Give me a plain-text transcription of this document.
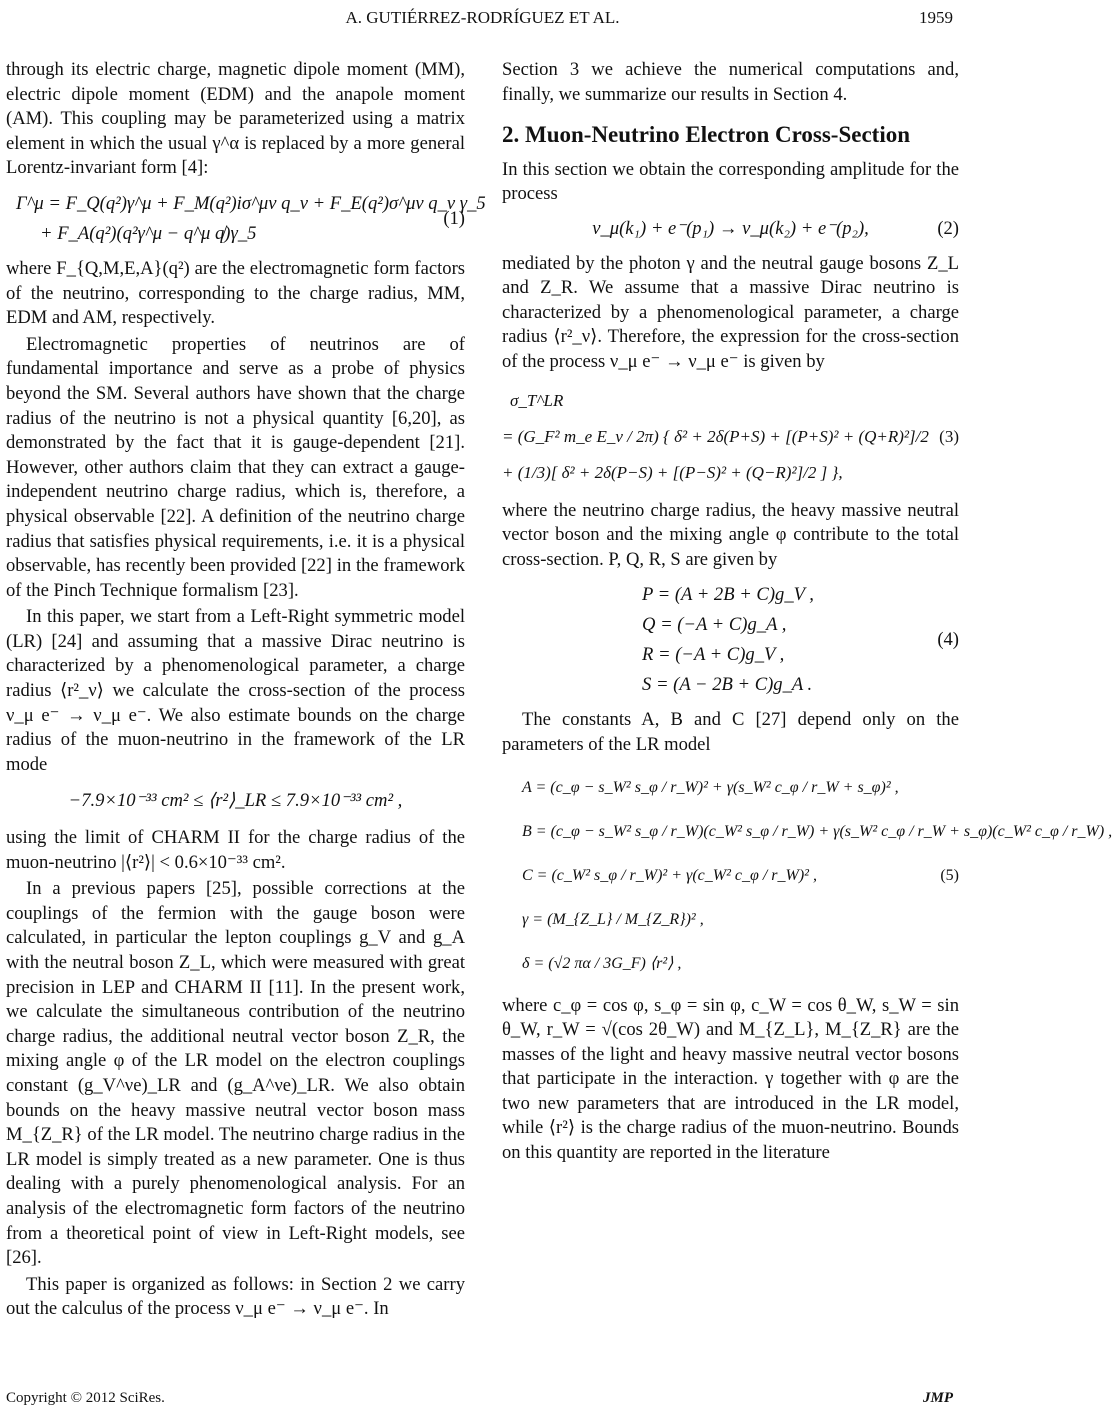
A. GUTIÉRREZ-RODRÍGUEZ ET AL.	1959

through its electric charge, magnetic dipole moment (MM), electric dipole moment (EDM) and the anapole moment (AM). This coupling may be parameterized using a matrix element in which the usual γ^α is replaced by a more general Lorentz-invariant form [4]:

Γ^μ = F_Q(q²)γ^μ + F_M(q²)iσ^μν q_ν + F_E(q²)σ^μν q_ν γ_5
+ F_A(q²)(q²γ^μ − q^μ q̸)γ_5
(1)

where F_{Q,M,E,A}(q²) are the electromagnetic form factors of the neutrino, corresponding to the charge radius, MM, EDM and AM, respectively.

Electromagnetic properties of neutrinos are of fundamental importance and serve as a probe of physics beyond the SM. Several authors have shown that the charge radius of the neutrino is not a physical quantity [6,20], as demonstrated by the fact that it is gauge-dependent [21]. However, other authors claim that they can extract a gauge-independent neutrino charge radius, which is, therefore, a physical observable [22]. A definition of the neutrino charge radius that satisfies physical requirements, i.e. it is a physical observable, has recently been provided [22] in the framework of the Pinch Technique formalism [23].

In this paper, we start from a Left-Right symmetric model (LR) [24] and assuming that a massive Dirac neutrino is characterized by a phenomenological parameter, a charge radius ⟨r²_ν⟩ we calculate the cross-section of the process ν_μ e⁻ → ν_μ e⁻. We also estimate bounds on the charge radius of the muon-neutrino in the framework of the LR mode

−7.9×10⁻³³ cm² ≤ ⟨r²⟩_LR ≤ 7.9×10⁻³³ cm² ,

using the limit of CHARM II for the charge radius of the muon-neutrino |⟨r²⟩| < 0.6×10⁻³³ cm².

In a previous papers [25], possible corrections at the couplings of the fermion with the gauge boson were calculated, in particular the lepton couplings g_V and g_A with the neutral boson Z_L, which were measured with great precision in LEP and CHARM II [11]. In the present work, we calculate the simultaneous contribution of the neutrino charge radius, the additional neutral vector boson Z_R, the mixing angle φ of the LR model on the electron couplings constant (g_V^νe)_LR and (g_A^νe)_LR. We also obtain bounds on the heavy massive neutral vector boson mass M_{Z_R} of the LR model. The neutrino charge radius in the LR model is simply treated as a new parameter. One is thus dealing with a purely phenomenological analysis. For an analysis of the electromagnetic form factors of the neutrino from a theoretical point of view in Left-Right models, see [26].

This paper is organized as follows: in Section 2 we carry out the calculus of the process ν_μ e⁻ → ν_μ e⁻. In

Section 3 we achieve the numerical computations and, finally, we summarize our results in Section 4.

2. Muon-Neutrino Electron Cross-Section

In this section we obtain the corresponding amplitude for the process

ν_μ(k₁) + e⁻(p₁) → ν_μ(k₂) + e⁻(p₂),	(2)

mediated by the photon γ and the neutral gauge bosons Z_L and Z_R. We assume that a massive Dirac neutrino is characterized by a phenomenological parameter, a charge radius ⟨r²_ν⟩. Therefore, the expression for the cross-section of the process ν_μ e⁻ → ν_μ e⁻ is given by

σ_T^LR
= (G_F² m_e E_ν / 2π) { δ² + 2δ(P+S) + [(P+S)² + (Q+R)²]/2
+ (1/3)[ δ² + 2δ(P−S) + [(P−S)² + (Q−R)²]/2 ] },
(3)

where the neutrino charge radius, the heavy massive neutral vector boson and the mixing angle φ contribute to the total cross-section. P, Q, R, S are given by

P = (A + 2B + C)g_V ,
Q = (−A + C)g_A ,
R = (−A + C)g_V ,
S = (A − 2B + C)g_A .
(4)

The constants A, B and C [27] depend only on the parameters of the LR model

A = (c_φ − s_W² s_φ / r_W)² + γ(s_W² c_φ / r_W + s_φ)² ,
B = (c_φ − s_W² s_φ / r_W)(c_W² s_φ / r_W) + γ(s_W² c_φ / r_W + s_φ)(c_W² c_φ / r_W) ,
C = (c_W² s_φ / r_W)² + γ(c_W² c_φ / r_W)² ,
γ = (M_{Z_L} / M_{Z_R})² ,
δ = (√2 πα / 3G_F) ⟨r²⟩ ,
(5)

where c_φ = cos φ, s_φ = sin φ, c_W = cos θ_W, s_W = sin θ_W, r_W = √(cos 2θ_W) and M_{Z_L}, M_{Z_R} are the masses of the light and heavy massive neutral vector bosons that participate in the interaction. γ together with φ are the two new parameters that are introduced in the LR model, while ⟨r²⟩ is the charge radius of the muon-neutrino. Bounds on this quantity are reported in the literature

Copyright © 2012 SciRes.	JMP
